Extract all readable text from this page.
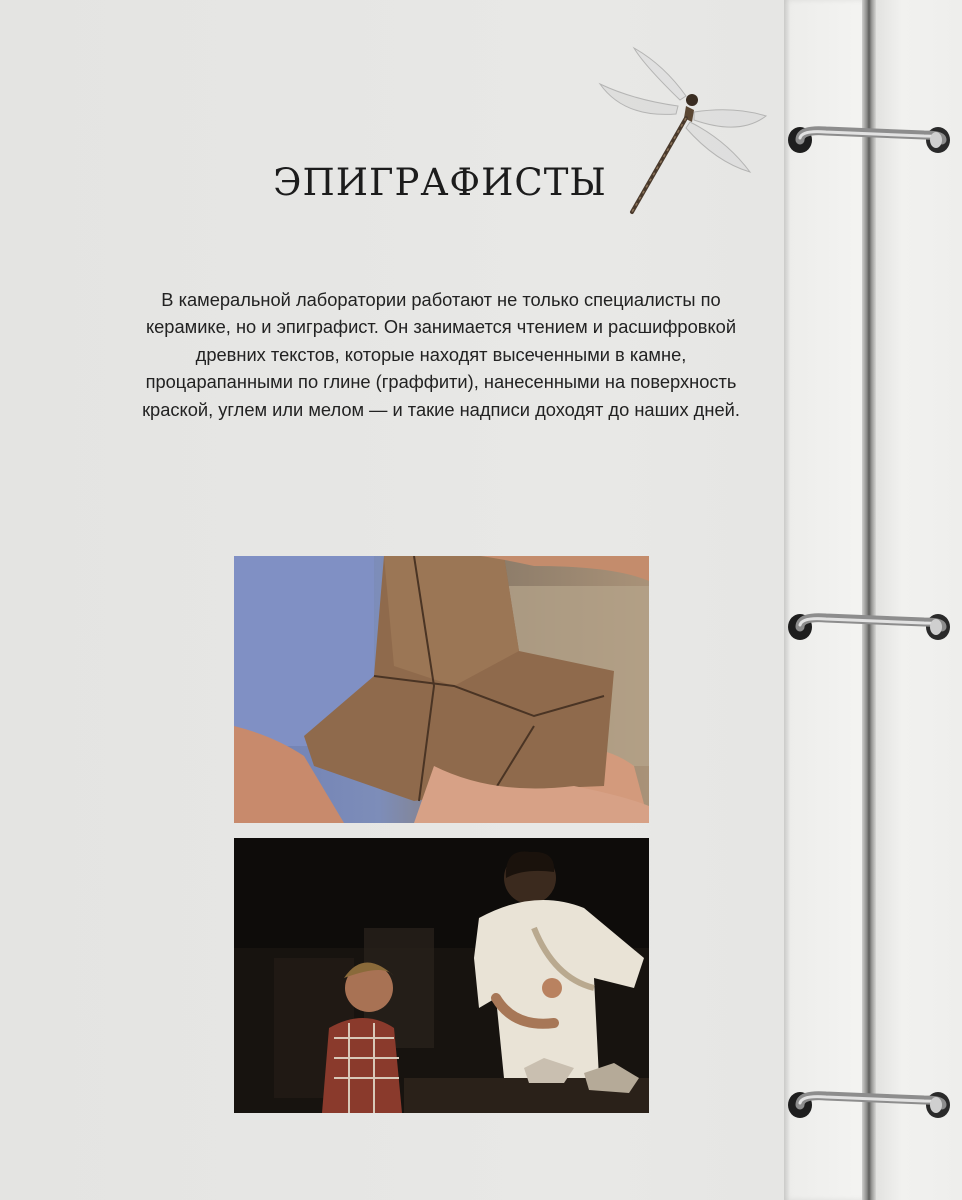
ЭПИГРАФИСТЫ

В камеральной лаборатории работают не только специалисты по керамике, но и эпиграфист. Он занимается чтением и расшифровкой древних текстов, которые находят высеченными в камне, процарапанными по глине (граффити), нанесенными на поверхность краской, углем или мелом — и такие надписи доходят до наших дней.
